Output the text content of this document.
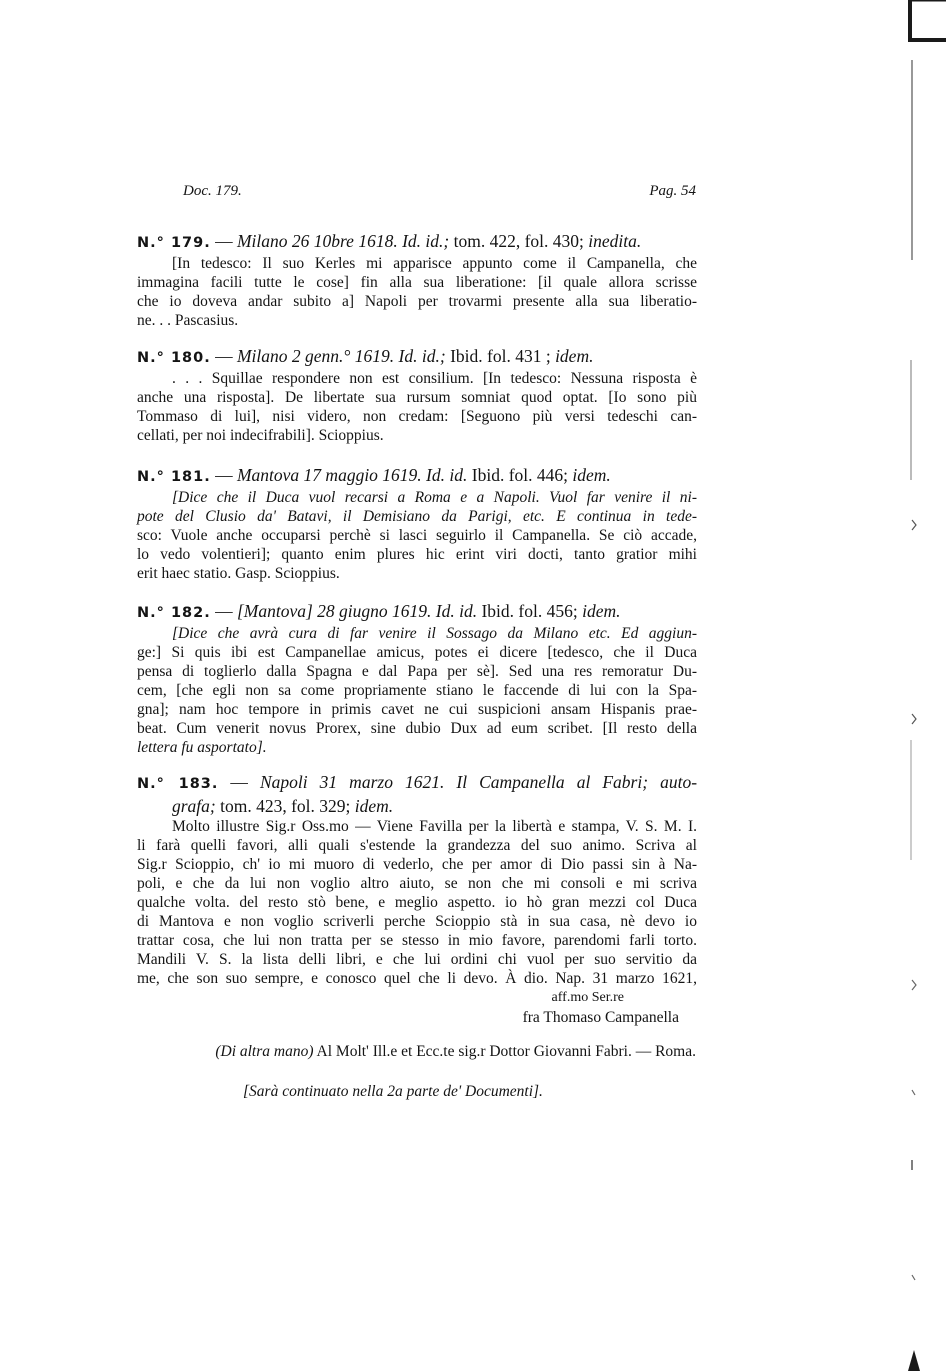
Doc. 179.	Pag. 54
N.° 179. — Milano 26 10bre 1618. Id. id.; tom. 422, fol. 430; inedita.
[In tedesco: Il suo Kerles mi apparisce appunto come il Campanella, che
immagina facili tutte le cose] fin alla sua liberatione: [il quale allora scrisse
che io doveva andar subito a] Napoli per trovarmi presente alla sua liberatio-
ne. . . Pascasius.
N.° 180. — Milano 2 genn.° 1619. Id. id.; Ibid. fol. 431 ; idem.
. . . Squillae respondere non est consilium. [In tedesco: Nessuna risposta è
anche una risposta]. De libertate sua rursum somniat quod optat. [Io sono più
Tommaso di lui], nisi videro, non credam: [Seguono più versi tedeschi can-
cellati, per noi indecifrabili]. Scioppius.
N.° 181. — Mantova 17 maggio 1619. Id. id. Ibid. fol. 446; idem.
[Dice che il Duca vuol recarsi a Roma e a Napoli. Vuol far venire il ni-
pote del Clusio da' Batavi, il Demisiano da Parigi, etc. E continua in tede-
sco: Vuole anche occuparsi perchè si lasci seguirlo il Campanella. Se ciò accade,
lo vedo volentieri]; quanto enim plures hic erint viri docti, tanto gratior mihi
erit haec statio. Gasp. Scioppius.
N.° 182. — [Mantova] 28 giugno 1619. Id. id. Ibid. fol. 456; idem.
[Dice che avrà cura di far venire il Sossago da Milano etc. Ed aggiun-
ge:] Si quis ibi est Campanellae amicus, potes ei dicere [tedesco, che il Duca
pensa di toglierlo dalla Spagna e dal Papa per sè]. Sed una res remoratur Du-
cem, [che egli non sa come propriamente stiano le faccende di lui con la Spa-
gna]; nam hoc tempore in primis cavet ne cui suspicioni ansam Hispanis prae-
beat. Cum venerit novus Prorex, sine dubio Dux ad eum scribet. [Il resto della
lettera fu asportato].
N.° 183. — Napoli 31 marzo 1621. Il Campanella al Fabri; auto-
grafa; tom. 423, fol. 329; idem.
Molto illustre Sig.r Oss.mo — Viene Favilla per la libertà e stampa, V. S. M. I.
li farà quelli favori, alli quali s'estende la grandezza del suo animo. Scriva al
Sig.r Scioppio, ch' io mi muoro di vederlo, che per amor di Dio passi sin à Na-
poli, e che da lui non voglio altro aiuto, se non che mi consoli e mi scriva
qualche volta. del resto stò bene, e meglio aspetto. io hò gran mezzi col Duca
di Mantova e non voglio scriverli perche Scioppio stà in sua casa, nè devo io
trattar cosa, che lui non tratta per se stesso in mio favore, parendomi farli torto.
Mandili V. S. la lista delli libri, e che lui ordini chi vuol per suo servitio da
me, che son suo sempre, e conosco quel che li devo. À dio. Nap. 31 marzo 1621,
aff.mo Ser.re
fra Thomaso Campanella
(Di altra mano) Al Molt' Ill.e et Ecc.te sig.r Dottor Giovanni Fabri. — Roma.
[Sarà continuato nella 2a parte de' Documenti].
